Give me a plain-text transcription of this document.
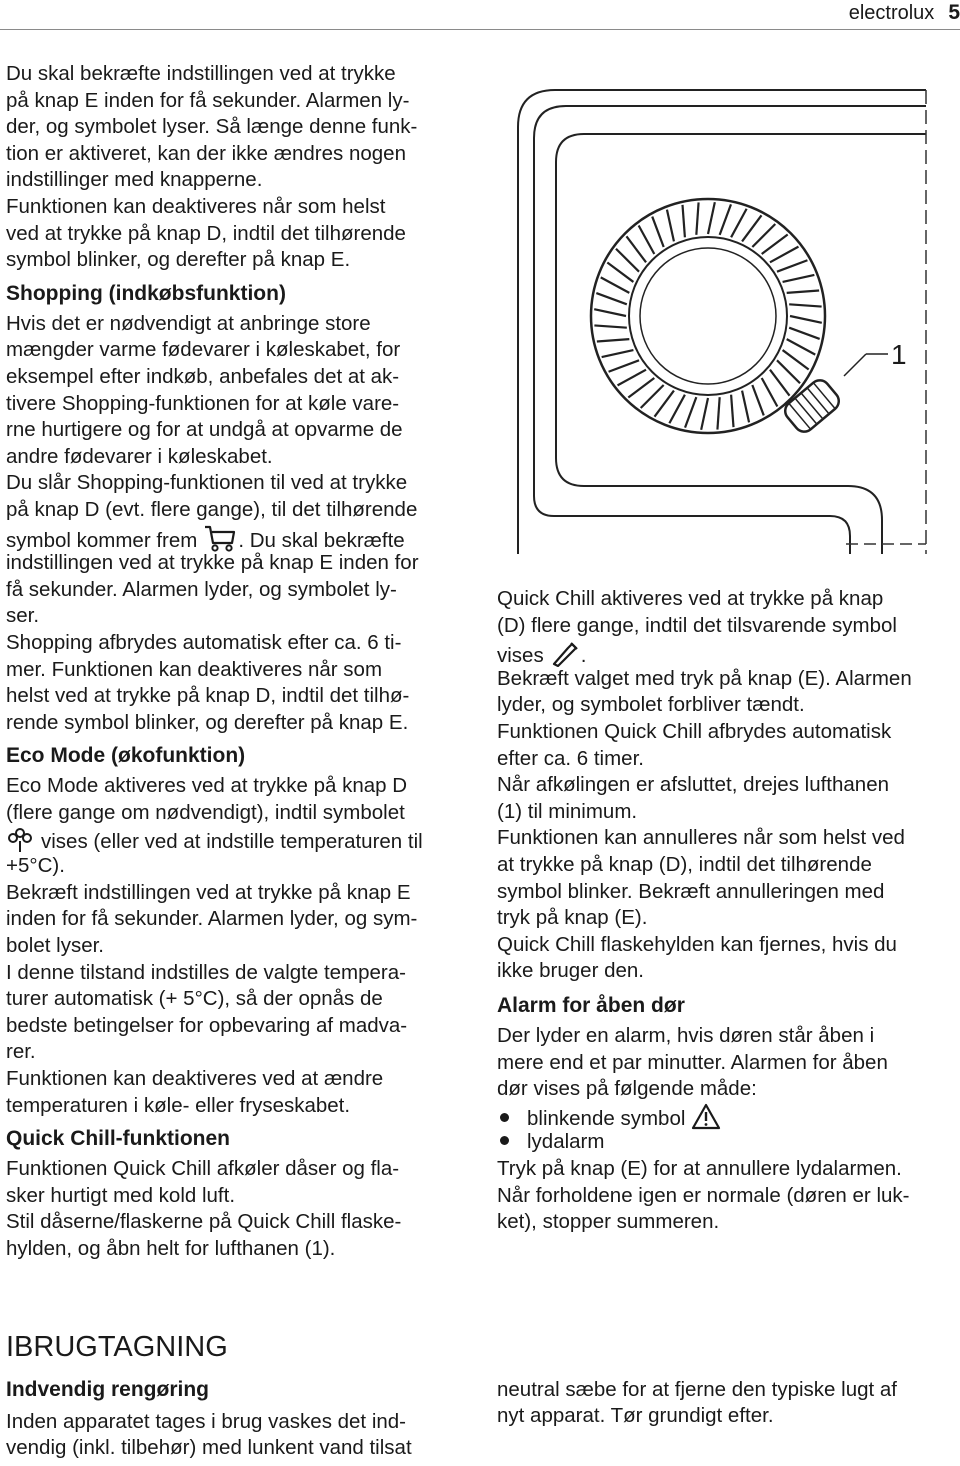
electrolux 5
Du skal bekræfte indstillingen ved at trykke
på knap E inden for få sekunder. Alarmen ly-
der, og symbolet lyser. Så længe denne funk-
tion er aktiveret, kan der ikke ændres nogen
indstillinger med knapperne.
Funktionen kan deaktiveres når som helst
ved at trykke på knap D, indtil det tilhørende
symbol blinker, og derefter på knap E.
Shopping (indkøbsfunktion)
Hvis det er nødvendigt at anbringe store
mængder varme fødevarer i køleskabet, for
eksempel efter indkøb, anbefales det at ak-
tivere Shopping-funktionen for at køle vare-
rne hurtigere og for at undgå at opvarme de
andre fødevarer i køleskabet.
Du slår Shopping-funktionen til ved at trykke
på knap D (evt. flere gange), til det tilhørende
symbol kommer frem . Du skal bekræfte
indstillingen ved at trykke på knap E inden for
få sekunder. Alarmen lyder, og symbolet ly-
ser.
Shopping afbrydes automatisk efter ca. 6 ti-
mer. Funktionen kan deaktiveres når som
helst ved at trykke på knap D, indtil det tilhø-
rende symbol blinker, og derefter på knap E.
Eco Mode (økofunktion)
Eco Mode aktiveres ved at trykke på knap D
(flere gange om nødvendigt), indtil symbolet
vises (eller ved at indstille temperaturen til
+5°C).
Bekræft indstillingen ved at trykke på knap E
inden for få sekunder. Alarmen lyder, og sym-
bolet lyser.
I denne tilstand indstilles de valgte tempera-
turer automatisk (+ 5°C), så der opnås de
bedste betingelser for opbevaring af madva-
rer.
Funktionen kan deaktiveres ved at ændre
temperaturen i køle- eller fryseskabet.
Quick Chill-funktionen
Funktionen Quick Chill afkøler dåser og fla-
sker hurtigt med kold luft.
Stil dåserne/flaskerne på Quick Chill flaske-
hylden, og åbn helt for lufthanen (1).
Quick Chill aktiveres ved at trykke på knap
(D) flere gange, indtil det tilsvarende symbol
vises .
Bekræft valget med tryk på knap (E). Alarmen
lyder, og symbolet forbliver tændt.
Funktionen Quick Chill afbrydes automatisk
efter ca. 6 timer.
Når afkølingen er afsluttet, drejes lufthanen
(1) til minimum.
Funktionen kan annulleres når som helst ved
at trykke på knap (D), indtil det tilhørende
symbol blinker. Bekræft annulleringen med
tryk på knap (E).
Quick Chill flaskehylden kan fjernes, hvis du
ikke bruger den.
Alarm for åben dør
Der lyder en alarm, hvis døren står åben i
mere end et par minutter. Alarmen for åben
dør vises på følgende måde:
blinkende symbol
lydalarm
Tryk på knap (E) for at annullere lydalarmen.
Når forholdene igen er normale (døren er luk-
ket), stopper summeren.
1
IBRUGTAGNING
Indvendig rengøring
Inden apparatet tages i brug vaskes det ind-
vendig (inkl. tilbehør) med lunkent vand tilsat
neutral sæbe for at fjerne den typiske lugt af
nyt apparat. Tør grundigt efter.
